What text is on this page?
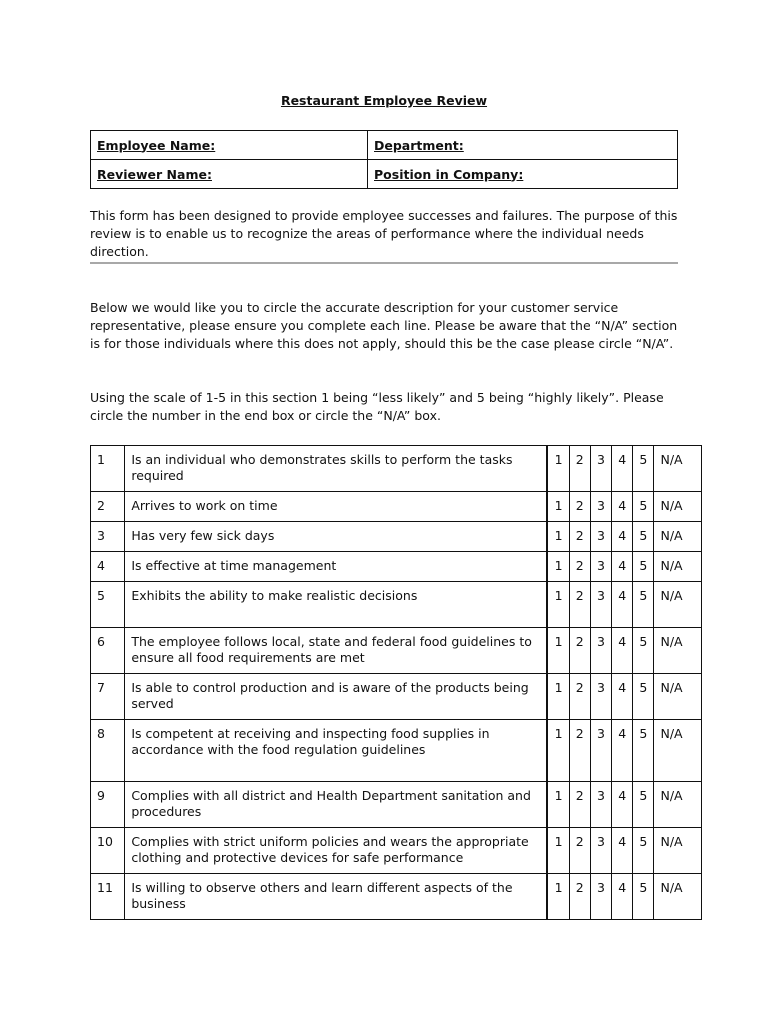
Restaurant Employee Review
Employee Name:	Department:
Reviewer Name:	Position in Company:
This form has been designed to provide employee successes and failures. The purpose of this review is to enable us to recognize the areas of performance where the individual needs direction.
Below we would like you to circle the accurate description for your customer service representative, please ensure you complete each line. Please be aware that the “N/A” section is for those individuals where this does not apply, should this be the case please circle “N/A”.
Using the scale of 1-5 in this section 1 being “less likely” and 5 being “highly likely”. Please circle the number in the end box or circle the “N/A” box.
1	Is an individual who demonstrates skills to perform the tasks required	1	2	3	4	5	N/A
2	Arrives to work on time	1	2	3	4	5	N/A
3	Has very few sick days	1	2	3	4	5	N/A
4	Is effective at time management	1	2	3	4	5	N/A
5	Exhibits the ability to make realistic decisions	1	2	3	4	5	N/A
6	The employee follows local, state and federal food guidelines to ensure all food requirements are met	1	2	3	4	5	N/A
7	Is able to control production and is aware of the products being served	1	2	3	4	5	N/A
8	Is competent at receiving and inspecting food supplies in accordance with the food regulation guidelines	1	2	3	4	5	N/A
9	Complies with all district and Health Department sanitation and procedures	1	2	3	4	5	N/A
10	Complies with strict uniform policies and wears the appropriate clothing and protective devices for safe performance	1	2	3	4	5	N/A
11	Is willing to observe others and learn different aspects of the business	1	2	3	4	5	N/A
